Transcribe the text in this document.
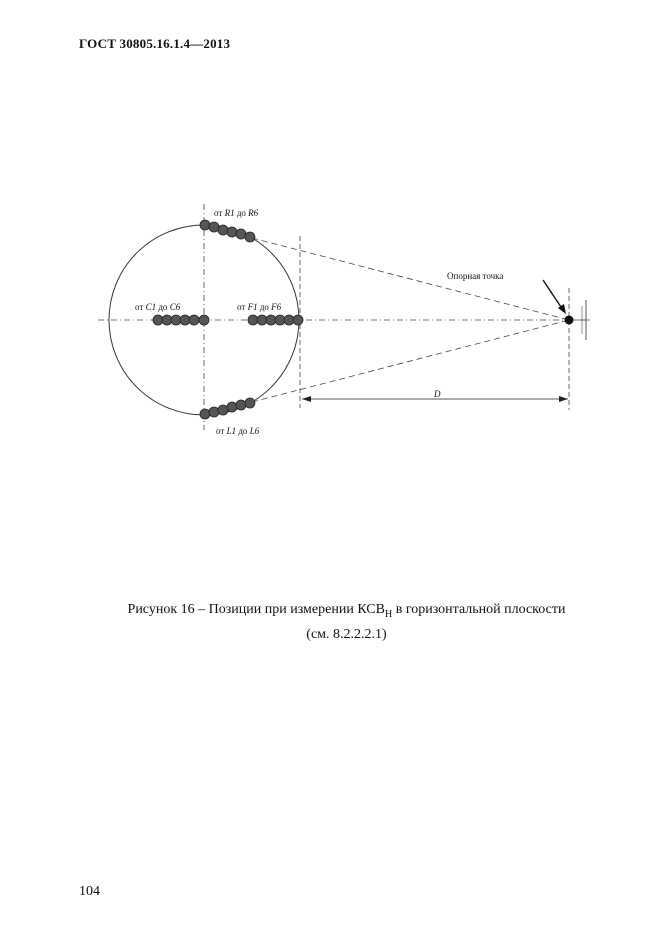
ГОСТ 30805.16.1.4—2013
от R1 до R6
от C1 до C6	от F1 до F6
от L1 до L6
Опорная точка
D
Рисунок 16 – Позиции при измерении $КСВ_Н$ в горизонтальной плоскости
(см. 8.2.2.2.1)
104
